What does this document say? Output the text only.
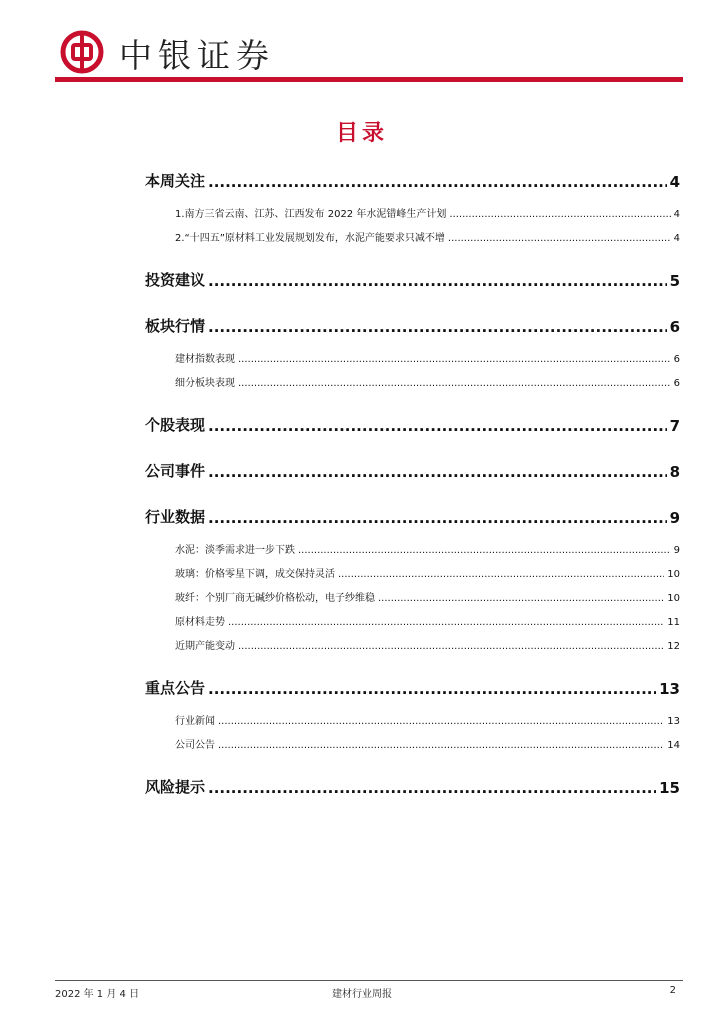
中银证券
目录
本周关注 .....	4
1.南方三省云南、江苏、江西发布 2022 年水泥错峰生产计划 .....	4
2.“十四五”原材料工业发展规划发布，水泥产能要求只减不增 .....	4
投资建议 .....	5
板块行情 .....	6
建材指数表现 .....	6
细分板块表现 .....	6
个股表现 .....	7
公司事件 .....	8
行业数据 .....	9
水泥：淡季需求进一步下跌 .....	9
玻璃：价格零星下调，成交保持灵活 .....	10
玻纤：个别厂商无碱纱价格松动，电子纱维稳 .....	10
原材料走势 .....	11
近期产能变动 .....	12
重点公告 .....	13
行业新闻 .....	13
公司公告 .....	14
风险提示 .....	15
2022 年 1 月 4 日	建材行业周报	2
